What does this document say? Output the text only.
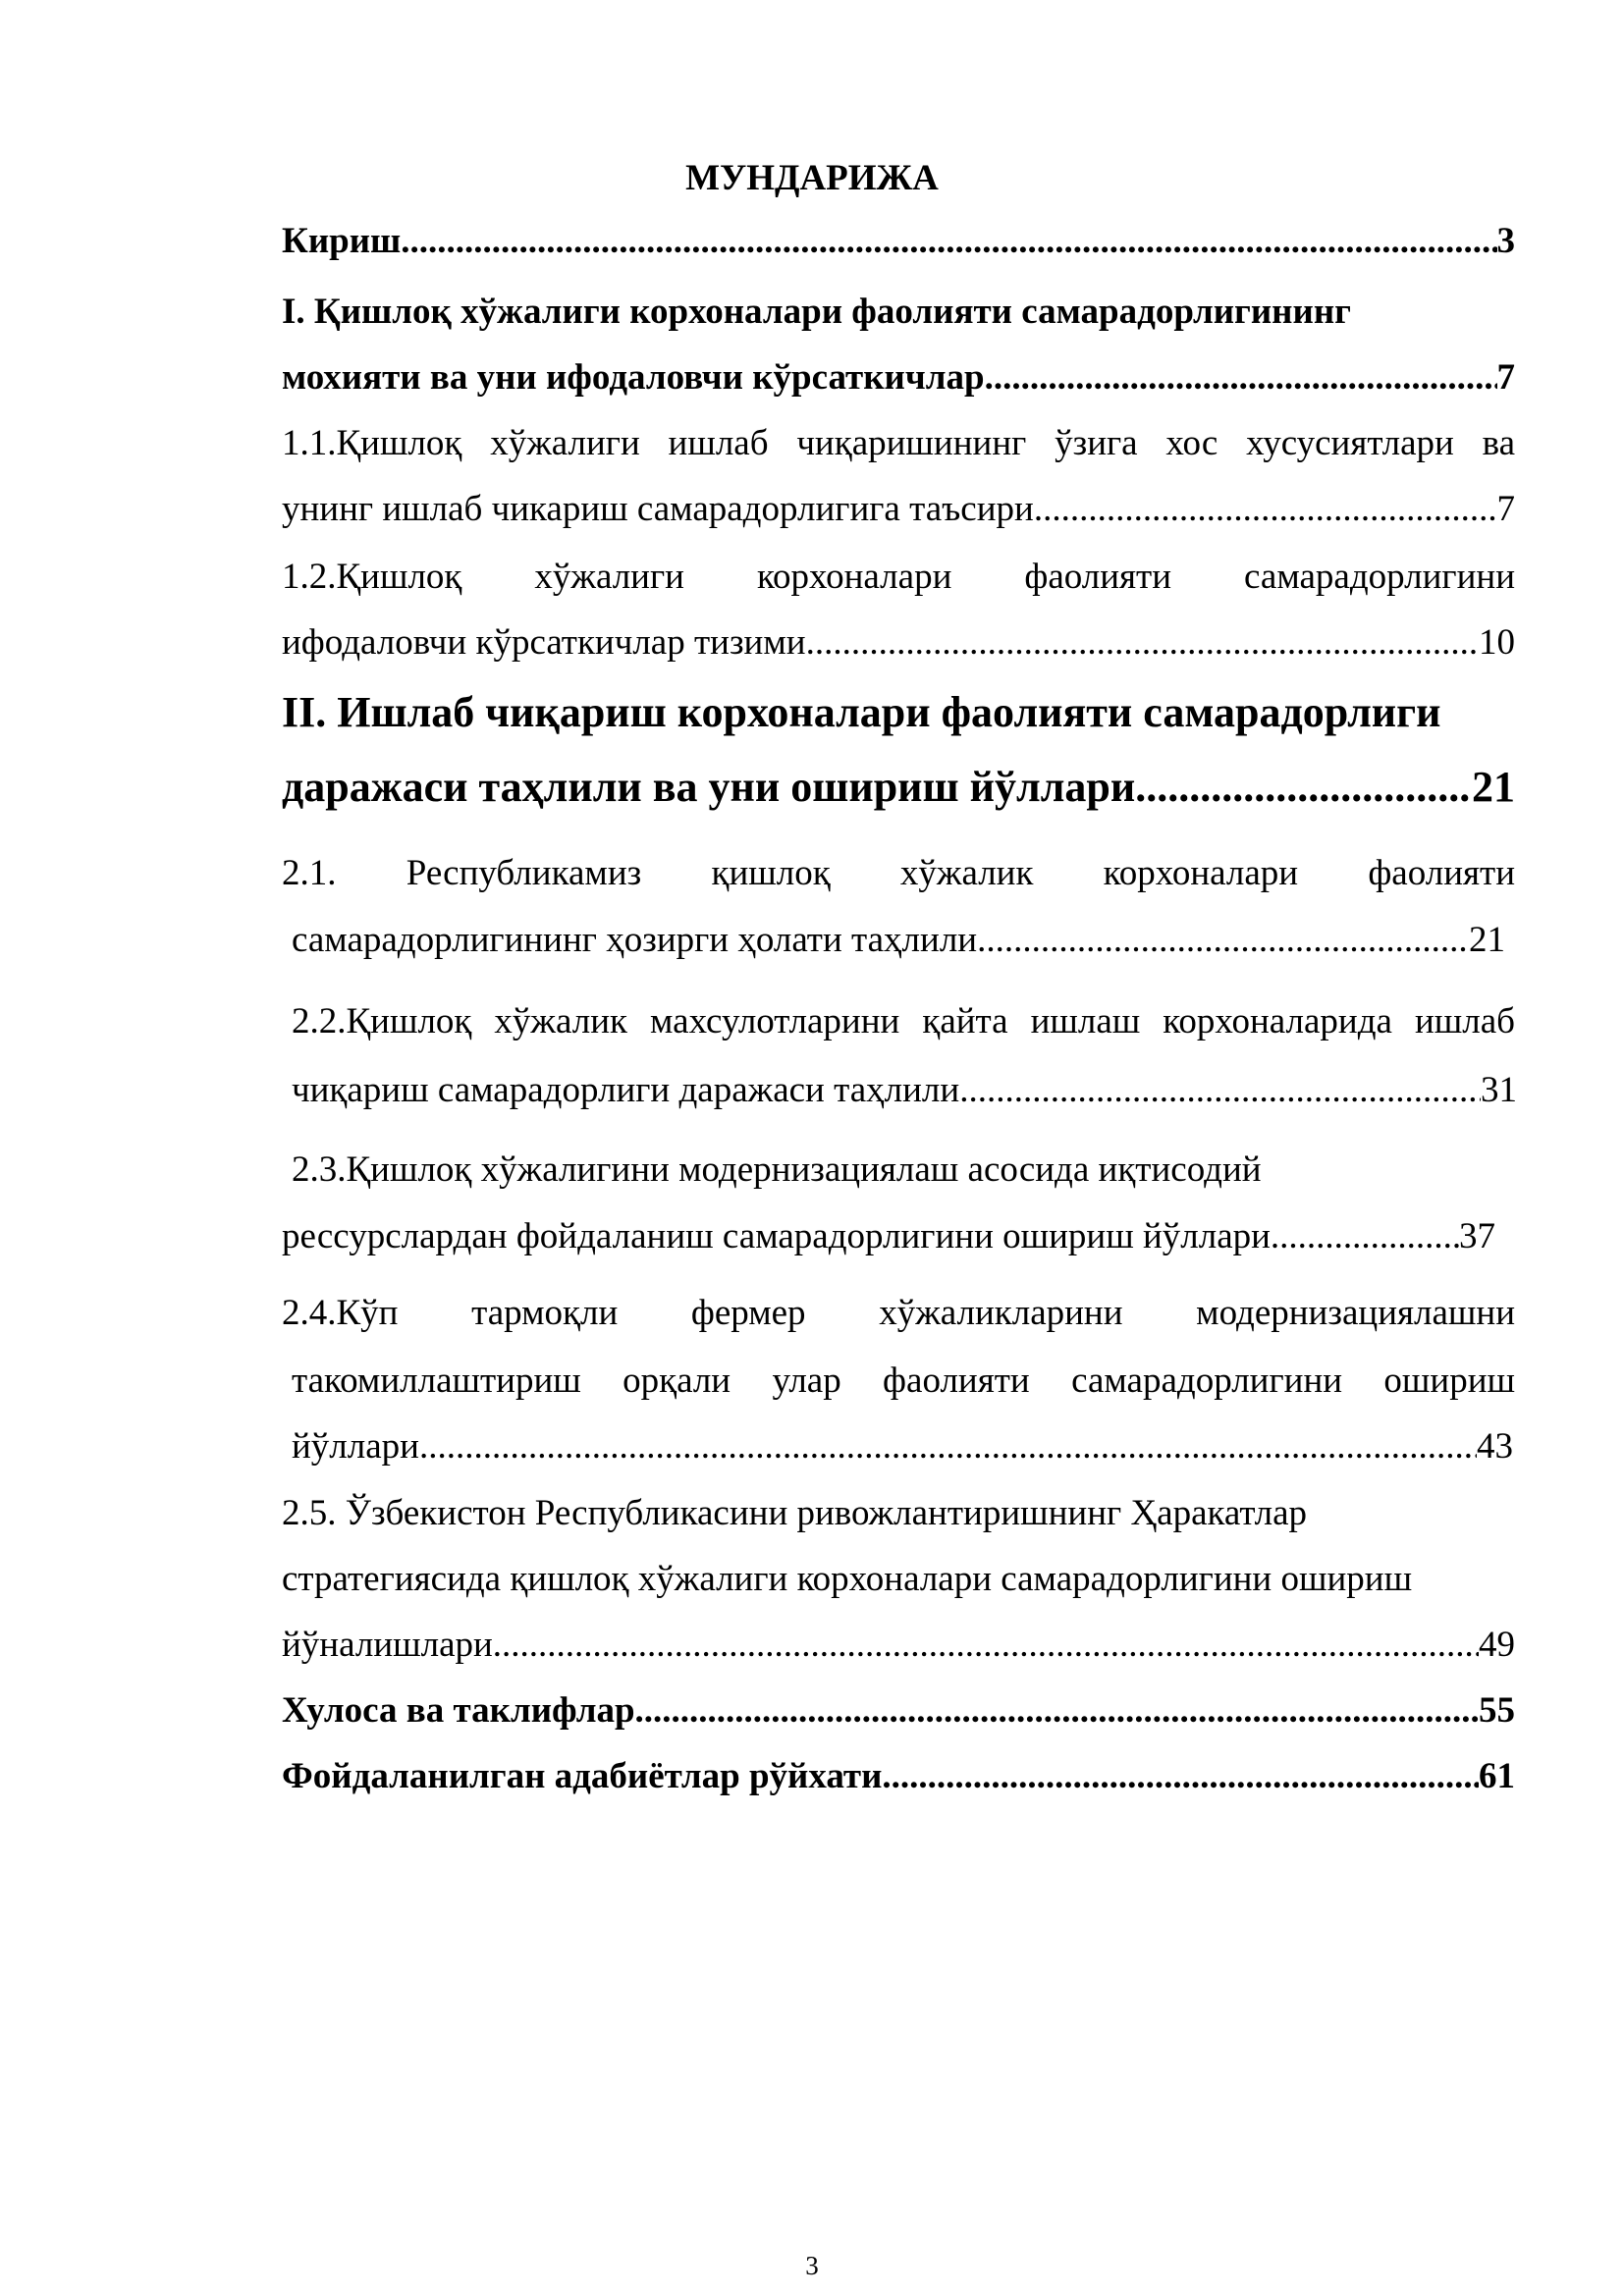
МУНДАРИЖА
Кириш .....	3
I. Қишлоқ хўжалиги корхоналари фаолияти самарадорлигининг
мохияти ва уни ифодаловчи кўрсаткичлар .....	7
1.1.Қишлоқ хўжалиги ишлаб чиқаришининг ўзига хос хусусиятлари ва
унинг ишлаб чикариш самарадорлигига таъсири .....	7
1.2.Қишлоқ хўжалиги корхоналари фаолияти самарадорлигини
ифодаловчи кўрсаткичлар тизими .....	10
II. Ишлаб чиқариш корхоналари фаолияти самарадорлиги
даражаси таҳлили ва уни ошириш йўллари .....	21
2.1. Республикамиз қишлоқ хўжалик корхоналари фаолияти
самарадорлигининг ҳозирги ҳолати таҳлили .....	21
2.2.Қишлоқ хўжалик махсулотларини қайта ишлаш корхоналарида ишлаб
чиқариш самарадорлиги даражаси таҳлили .....	31
2.3.Қишлоқ хўжалигини модернизациялаш асосида иқтисодий
рессурслардан фойдаланиш самарадорлигини ошириш йўллари .....	37
2.4.Кўп тармоқли фермер хўжаликларини модернизациялашни
такомиллаштириш орқали улар фаолияти самарадорлигини ошириш
йўллари .....	43
2.5. Ўзбекистон Республикасини ривожлантиришнинг Ҳаракатлар
стратегиясида қишлоқ хўжалиги корхоналари самарадорлигини ошириш
йўналишлари .....	49
Хулоса ва таклифлар .....	55
Фойдаланилган адабиётлар рўйхати .....	61
3
